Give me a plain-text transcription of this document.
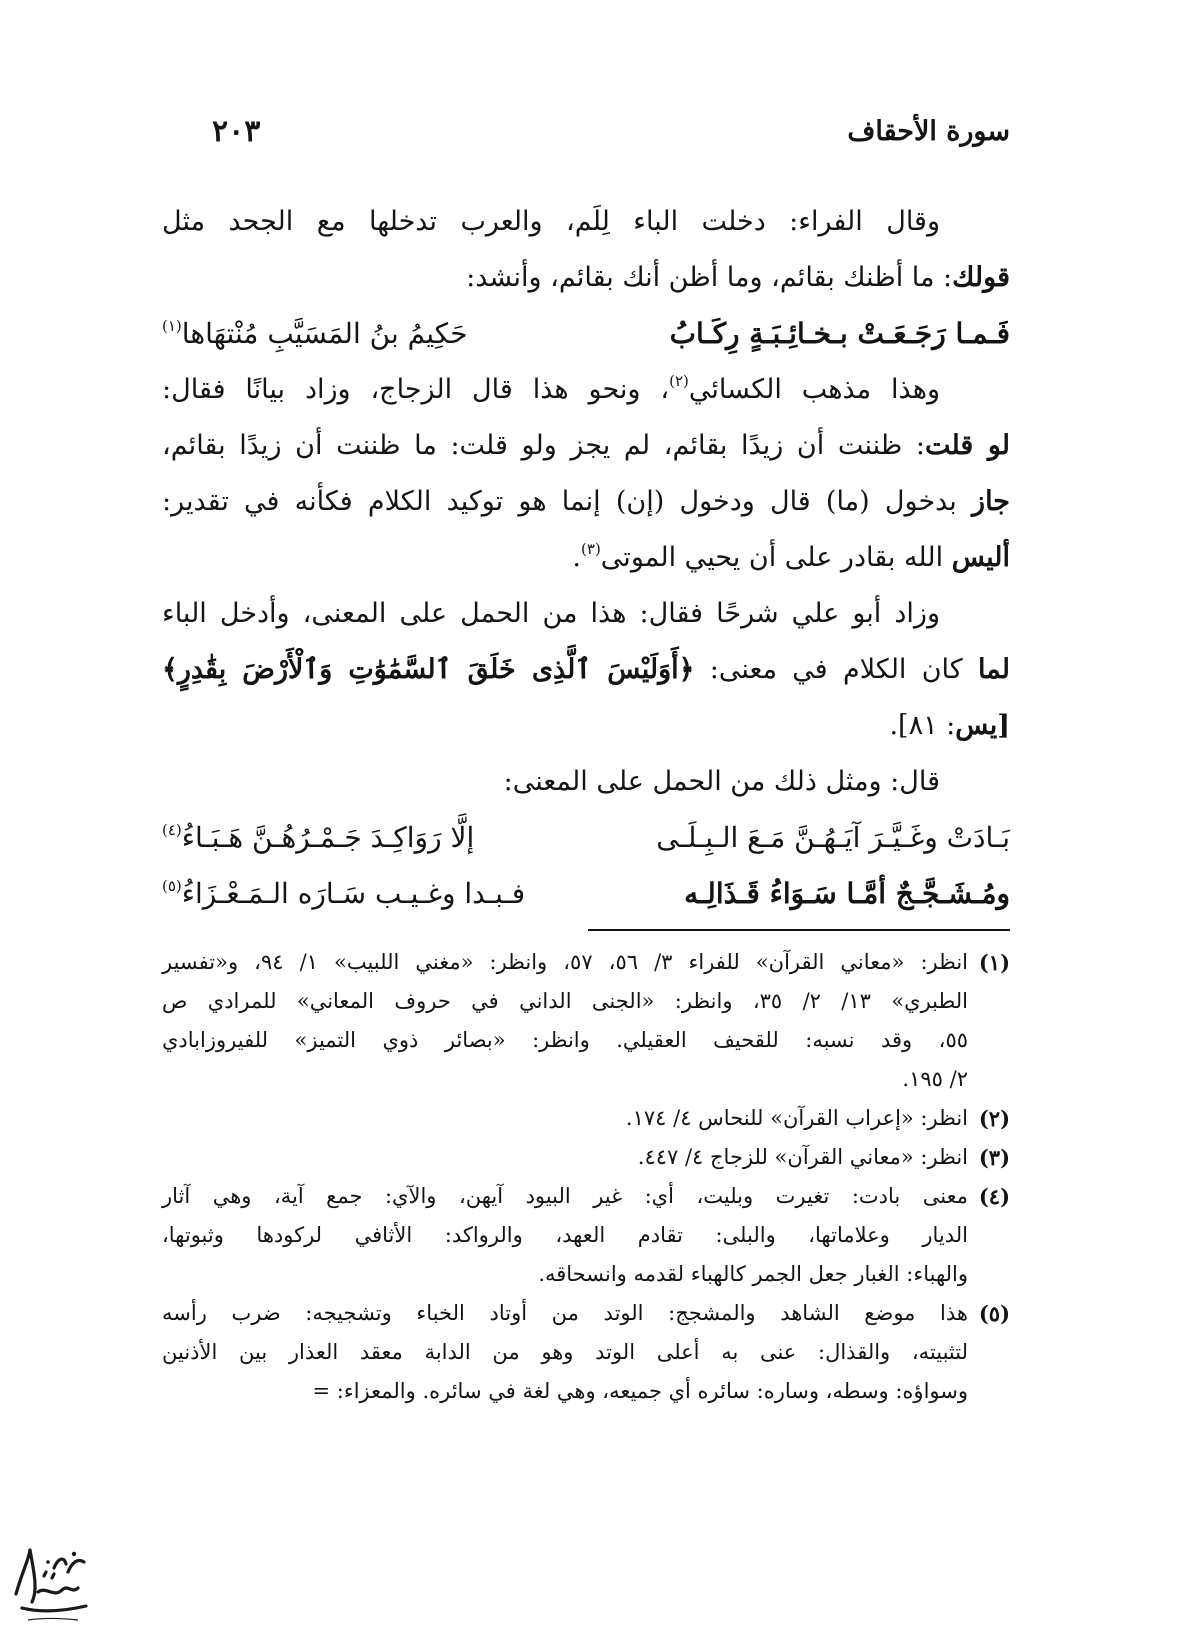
سورة الأحقاف
٢٠٣
وقال الفراء: دخلت الباء لِلَم، والعرب تدخلها مع الجحد مثل
قولك: ما أظنك بقائم، وما أظن أنك بقائم، وأنشد:
فَـمـا رَجَـعَـتْ بـخـائِـبَـةٍ رِكَـابُ
حَكِيمُ بنُ المَسَيَّبِ مُنْتهَاها$^{(١)}$
وهذا مذهب الكسائي$^{(٢)}$، ونحو هذا قال الزجاج، وزاد بيانًا فقال:
لو قلت: ظننت أن زيدًا بقائم، لم يجز ولو قلت: ما ظننت أن زيدًا بقائم،
جاز بدخول (ما) قال ودخول (إن) إنما هو توكيد الكلام فكأنه في تقدير:
أليس الله بقادر على أن يحيي الموتى$^{(٣)}$.
وزاد أبو علي شرحًا فقال: هذا من الحمل على المعنى، وأدخل الباء
لما كان الكلام في معنى: ﴿أَوَلَيْسَ ٱلَّذِى خَلَقَ ٱلسَّمَٰوَٰتِ وَٱلْأَرْضَ بِقَٰدِرٍ﴾
[يس: ٨١].
قال: ومثل ذلك من الحمل على المعنى:
بَـادَتْ وغَـيَّـرَ آيَـهُـنَّ مَـعَ الـبِـلَـى
إلَّا رَوَاكِـدَ جَـمْـرُهُـنَّ هَـبَـاءُ$^{(٤)}$
ومُـشَـجَّـجٌ أمَّـا سَـوَاءُ قَـذَالِـه
فـبـدا وغـيـب سَـارَه الـمَـعْـزَاءُ$^{(٥)}$
(١)
انظر: «معاني القرآن» للفراء ٣/ ٥٦، ٥٧، وانظر: «مغني اللبيب» ١/ ٩٤، و«تفسير
الطبري» ١٣/ ٢/ ٣٥، وانظر: «الجنى الداني في حروف المعاني» للمرادي ص
٥٥، وقد نسبه: للقحيف العقيلي. وانظر: «بصائر ذوي التميز» للفيروزابادي
٢/ ١٩٥.
(٢)
انظر: «إعراب القرآن» للنحاس ٤/ ١٧٤.
(٣)
انظر: «معاني القرآن» للزجاج ٤/ ٤٤٧.
(٤)
معنى بادت: تغيرت وبليت، أي: غير البيود آيهن، والآي: جمع آية، وهي آثار
الديار وعلاماتها، والبلى: تقادم العهد، والرواكد: الأثافي لركودها وثبوتها،
والهباء: الغبار جعل الجمر كالهباء لقدمه وانسحاقه.
(٥)
هذا موضع الشاهد والمشجج: الوتد من أوتاد الخباء وتشجيجه: ضرب رأسه
لتثبيته، والقذال: عنى به أعلى الوتد وهو من الدابة معقد العذار بين الأذنين
وسواؤه: وسطه، وساره: سائره أي جميعه، وهي لغة في سائره. والمعزاء: =
